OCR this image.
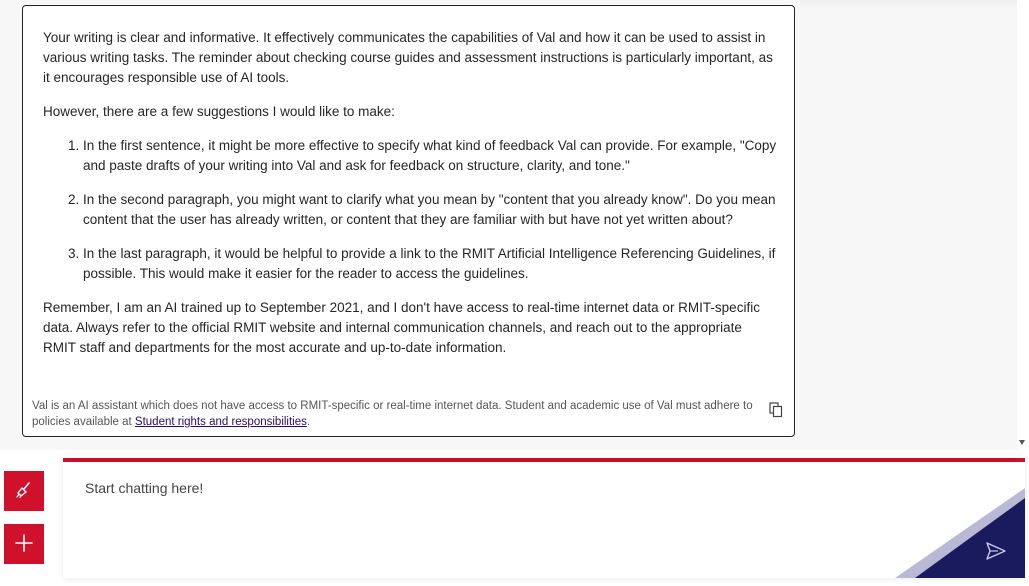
Your writing is clear and informative. It effectively communicates the capabilities of Val and how it can be used to assist in various writing tasks. The reminder about checking course guides and assessment instructions is particularly important, as it encourages responsible use of AI tools.

However, there are a few suggestions I would like to make:

1. In the first sentence, it might be more effective to specify what kind of feedback Val can provide. For example, "Copy and paste drafts of your writing into Val and ask for feedback on structure, clarity, and tone."
2. In the second paragraph, you might want to clarify what you mean by "content that you already know". Do you mean content that the user has already written, or content that they are familiar with but have not yet written about?
3. In the last paragraph, it would be helpful to provide a link to the RMIT Artificial Intelligence Referencing Guidelines, if possible. This would make it easier for the reader to access the guidelines.

Remember, I am an AI trained up to September 2021, and I don't have access to real-time internet data or RMIT-specific data. Always refer to the official RMIT website and internal communication channels, and reach out to the appropriate RMIT staff and departments for the most accurate and up-to-date information.

Val is an AI assistant which does not have access to RMIT-specific or real-time internet data. Student and academic use of Val must adhere to policies available at Student rights and responsibilities.
Start chatting here!
